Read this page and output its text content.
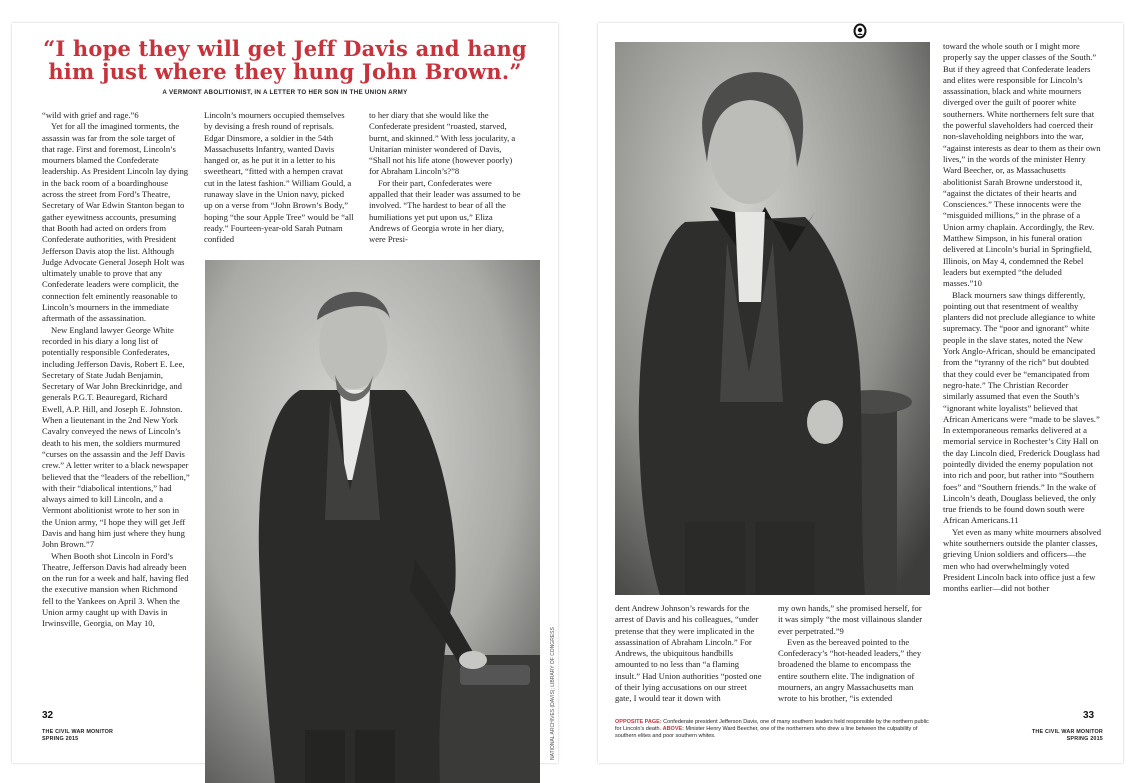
“I hope they will get Jeff Davis and hang him just where they hung John Brown.”
A VERMONT ABOLITIONIST, IN A LETTER TO HER SON IN THE UNION ARMY

“wild with grief and rage.”6

Yet for all the imagined torments, the assassin was far from the sole target of that rage. First and foremost, Lincoln’s mourners blamed the Confederate leadership. As President Lincoln lay dying in the back room of a boardinghouse across the street from Ford’s Theatre, Secretary of War Edwin Stanton began to gather eyewitness accounts, presuming that Booth had acted on orders from Confederate authorities, with President Jefferson Davis atop the list. Although Judge Advocate General Joseph Holt was ultimately unable to prove that any Confederate leaders were complicit, the connection felt eminently reasonable to Lincoln’s mourners in the immediate aftermath of the assassination.

New England lawyer George White recorded in his diary a long list of potentially responsible Confederates, including Jefferson Davis, Robert E. Lee, Secretary of State Judah Benjamin, Secretary of War John Breckinridge, and generals P.G.T. Beauregard, Richard Ewell, A.P. Hill, and Joseph E. Johnston. When a lieutenant in the 2nd New York Cavalry conveyed the news of Lincoln’s death to his men, the soldiers murmured “curses on the assassin and the Jeff Davis crew.” A letter writer to a black newspaper believed that the “leaders of the rebellion,” with their “diabolical intentions,” had always aimed to kill Lincoln, and a Vermont abolitionist wrote to her son in the Union army, “I hope they will get Jeff Davis and hang him just where they hung John Brown.”7

When Booth shot Lincoln in Ford’s Theatre, Jefferson Davis had already been on the run for a week and half, having fled the executive mansion when Richmond fell to the Yankees on April 3. When the Union army caught up with Davis in Irwinsville, Georgia, on May 10,

Lincoln’s mourners occupied themselves by devising a fresh round of reprisals. Edgar Dinsmore, a soldier in the 54th Massachusetts Infantry, wanted Davis hanged or, as he put it in a letter to his sweetheart, “fitted with a hempen cravat cut in the latest fashion.” William Gould, a runaway slave in the Union navy, picked up on a verse from “John Brown’s Body,” hoping “the sour Apple Tree” would be “all ready.” Fourteen-year-old Sarah Putnam confided

to her diary that she would like the Confederate president “roasted, starved, burnt, and skinned.” With less jocularity, a Unitarian minister wondered of Davis, “Shall not his life atone (however poorly) for Abraham Lincoln’s?”8

For their part, Confederates were appalled that their leader was assumed to be involved. “The hardest to bear of all the humiliations yet put upon us,” Eliza Andrews of Georgia wrote in her diary, were Presi-

32
THE CIVIL WAR MONITOR
SPRING 2015	NATIONAL ARCHIVES (DAVIS); LIBRARY OF CONGRESS

toward the whole south or I might more properly say the upper classes of the South.” But if they agreed that Confederate leaders and elites were responsible for Lincoln’s assassination, black and white mourners diverged over the guilt of poorer white southerners. White northerners felt sure that the powerful slaveholders had coerced their non-slaveholding neighbors into the war, “against interests as dear to them as their own lives,” in the words of the minister Henry Ward Beecher, or, as Massachusetts abolitionist Sarah Browne understood it, “against the dictates of their hearts and Consciences.” These innocents were the “misguided millions,” in the phrase of a Union army chaplain. Accordingly, the Rev. Matthew Simpson, in his funeral oration delivered at Lincoln’s burial in Springfield, Illinois, on May 4, condemned the Rebel leaders but exempted “the deluded masses.”10

Black mourners saw things differently, pointing out that resentment of wealthy planters did not preclude allegiance to white supremacy. The “poor and ignorant” white people in the slave states, noted the New York Anglo-African, should be emancipated from the “tyranny of the rich” but doubted that they could ever be “emancipated from negro-hate.” The Christian Recorder similarly assumed that even the South’s “ignorant white loyalists” believed that African Americans were “made to be slaves.” In extemporaneous remarks delivered at a memorial service in Rochester’s City Hall on the day Lincoln died, Frederick Douglass had pointedly divided the enemy population not into rich and poor, but rather into “Southern foes” and “Southern friends.” In the wake of Lincoln’s death, Douglass believed, the only true friends to be found down south were African Americans.11

Yet even as many white mourners absolved white southerners outside the planter classes, grieving Union soldiers and officers—the men who had overwhelmingly voted President Lincoln back into office just a few months earlier—did not bother

dent Andrew Johnson’s rewards for the arrest of Davis and his colleagues, “under pretense that they were implicated in the assassination of Abraham Lincoln.” For Andrews, the ubiquitous handbills amounted to no less than “a flaming insult.” Had Union authorities “posted one of their lying accusations on our street gate, I would tear it down with

my own hands,” she promised herself, for it was simply “the most villainous slander ever perpetrated.”9

Even as the bereaved pointed to the Confederacy’s “hot-headed leaders,” they broadened the blame to encompass the entire southern elite. The indignation of mourners, an angry Massachusetts man wrote to his brother, “is extended

OPPOSITE PAGE: Confederate president Jefferson Davis, one of many southern leaders held responsible by the northern public for Lincoln’s death. ABOVE: Minister Henry Ward Beecher, one of the northerners who drew a line between the culpability of southern elites and poor southern whites.
33
THE CIVIL WAR MONITOR
SPRING 2015
